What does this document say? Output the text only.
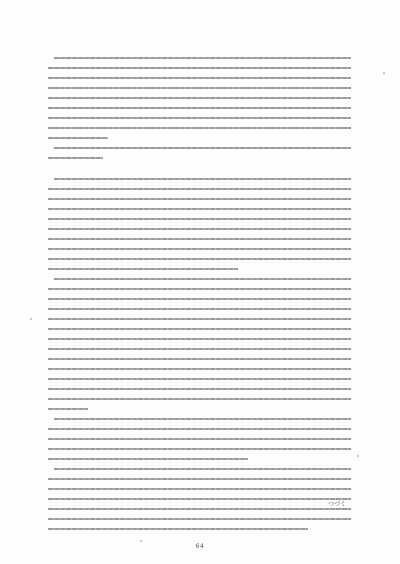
つづく
64
